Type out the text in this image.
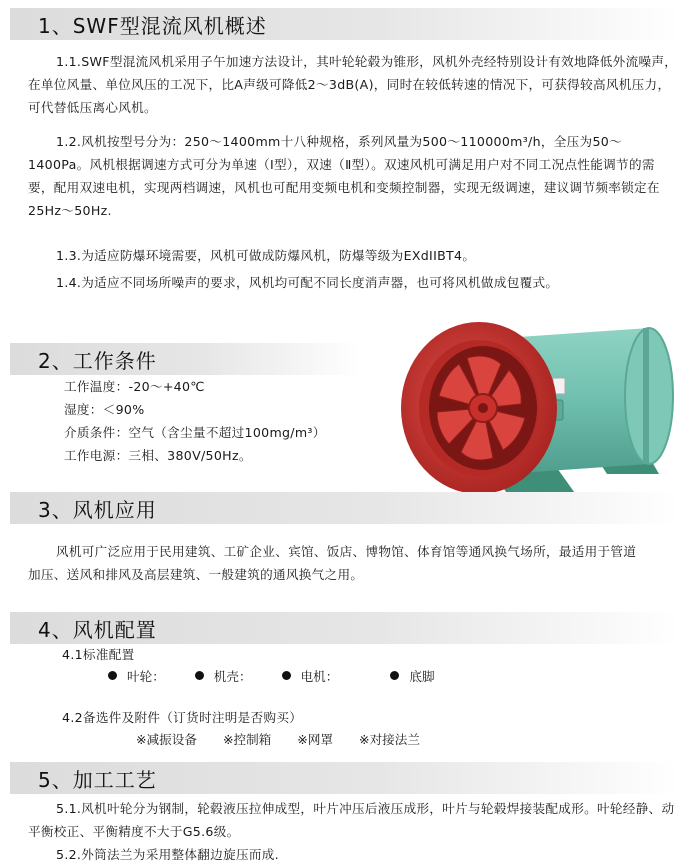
1、SWF型混流风机概述
1.1.SWF型混流风机采用子午加速方法设计，其叶轮轮毂为锥形，风机外壳经特别设计有效地降低外流噪声，在单位风量、单位风压的工况下，比A声级可降低2～3dB(A)，同时在较低转速的情况下，可获得较高风机压力，可代替低压离心风机。
1.2.风机按型号分为：250～1400mm十八种规格，系列风量为500～110000m³/h，全压为50～1400Pa。风机根据调速方式可分为单速（Ⅰ型），双速（Ⅱ型）。双速风机可满足用户对不同工况点性能调节的需要，配用双速电机，实现两档调速，风机也可配用变频电机和变频控制器，实现无级调速，建议调节频率锁定在25Hz～50Hz.
1.3.为适应防爆环境需要，风机可做成防爆风机，防爆等级为EXdIIBT4。
1.4.为适应不同场所噪声的要求，风机均可配不同长度消声器，也可将风机做成包覆式。
2、工作条件
工作温度：-20～+40℃
湿度：＜90%
介质条件：空气（含尘量不超过100mg/m³）
工作电源：三相、380V/50Hz。
3、风机应用
风机可广泛应用于民用建筑、工矿企业、宾馆、饭店、博物馆、体育馆等通风换气场所，最适用于管道加压、送风和排风及高层建筑、一般建筑的通风换气之用。
4、风机配置
4.1标准配置
叶轮：	机壳：	电机：	底脚
4.2备选件及附件（订货时注明是否购买）
※减振设备 ※控制箱 ※网罩 ※对接法兰
5、加工工艺
5.1.风机叶轮分为钢制，轮毂液压拉伸成型，叶片冲压后液压成形，叶片与轮毂焊接装配成形。叶轮经静、动平衡校正、平衡精度不大于G5.6级。
5.2.外筒法兰为采用整体翻边旋压而成.
